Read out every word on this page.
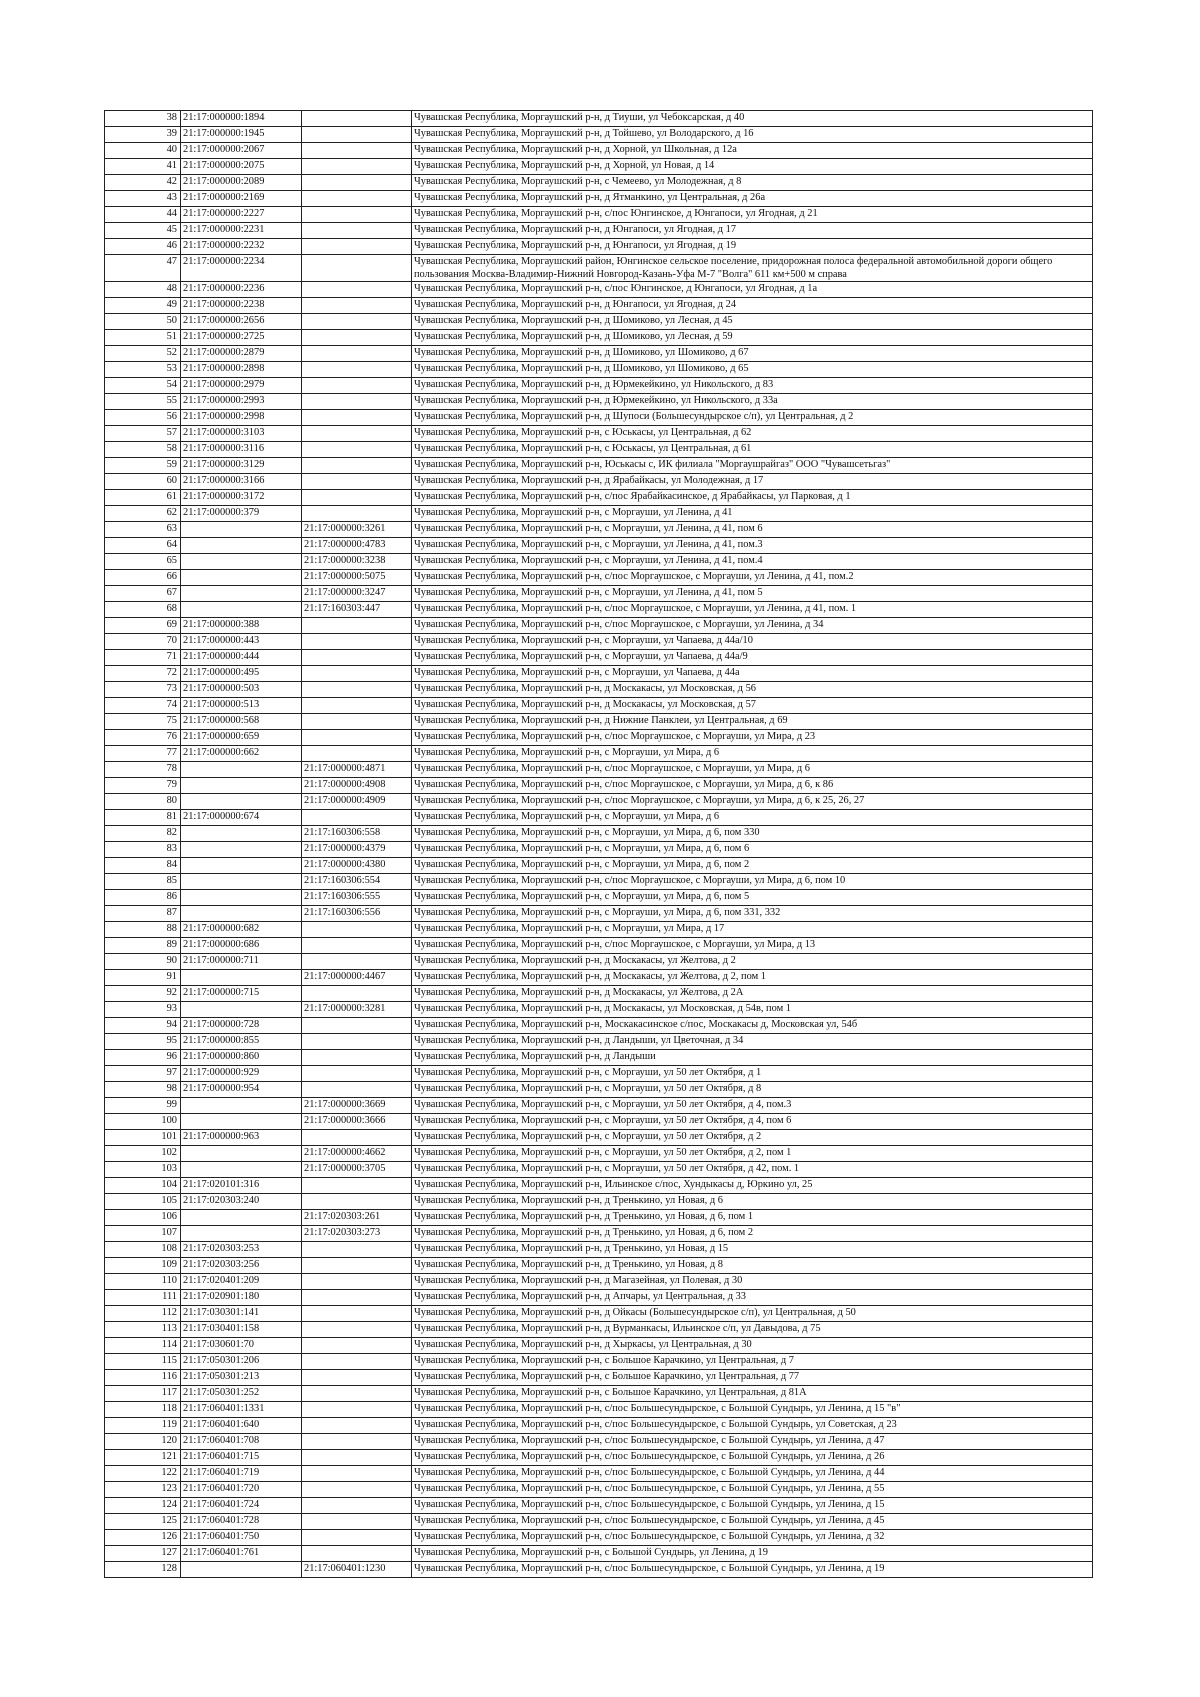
38	21:17:000000:1894		Чувашская Республика, Моргаушский р-н, д Тиуши, ул Чебоксарская, д 40
39	21:17:000000:1945		Чувашская Республика, Моргаушский р-н, д Тойшево, ул Володарского, д 16
40	21:17:000000:2067		Чувашская Республика, Моргаушский р-н, д Хорной, ул Школьная, д 12а
41	21:17:000000:2075		Чувашская Республика, Моргаушский р-н, д Хорной, ул Новая, д 14
42	21:17:000000:2089		Чувашская Республика, Моргаушский р-н, с Чемеево, ул Молодежная, д 8
43	21:17:000000:2169		Чувашская Республика, Моргаушский р-н, д Ятманкино, ул Центральная, д 26а
44	21:17:000000:2227		Чувашская Республика, Моргаушский р-н, с/пос Юнгинское, д Юнгапоси, ул Ягодная, д 21
45	21:17:000000:2231		Чувашская Республика, Моргаушский р-н, д Юнгапоси, ул Ягодная, д 17
46	21:17:000000:2232		Чувашская Республика, Моргаушский р-н, д Юнгапоси, ул Ягодная, д 19
47	21:17:000000:2234		Чувашская Республика, Моргаушский район, Юнгинское сельское поселение, придорожная полоса федеральной автомобильной дороги общего пользования Москва-Владимир-Нижний Новгород-Казань-Уфа М-7 "Волга" 611 км+500 м справа
48	21:17:000000:2236		Чувашская Республика, Моргаушский р-н, с/пос Юнгинское, д Юнгапоси, ул Ягодная, д 1а
49	21:17:000000:2238		Чувашская Республика, Моргаушский р-н, д Юнгапоси, ул Ягодная, д 24
50	21:17:000000:2656		Чувашская Республика, Моргаушский р-н, д Шомиково, ул Лесная, д 45
51	21:17:000000:2725		Чувашская Республика, Моргаушский р-н, д Шомиково, ул Лесная, д 59
52	21:17:000000:2879		Чувашская Республика, Моргаушский р-н, д Шомиково, ул Шомиково, д 67
53	21:17:000000:2898		Чувашская Республика, Моргаушский р-н, д Шомиково, ул Шомиково, д 65
54	21:17:000000:2979		Чувашская Республика, Моргаушский р-н, д Юрмекейкино, ул Никольского, д 83
55	21:17:000000:2993		Чувашская Республика, Моргаушский р-н, д Юрмекейкино, ул Никольского, д 33а
56	21:17:000000:2998		Чувашская Республика, Моргаушский р-н, д Шупоси (Большесундырское с/п), ул Центральная, д 2
57	21:17:000000:3103		Чувашская Республика, Моргаушский р-н, с Юськасы, ул Центральная, д 62
58	21:17:000000:3116		Чувашская Республика, Моргаушский р-н, с Юськасы, ул Центральная, д 61
59	21:17:000000:3129		Чувашская Республика, Моргаушский р-н, Юськасы с, ИК филиала "Моргаушрайгаз" ООО "Чувашсетьгаз"
60	21:17:000000:3166		Чувашская Республика, Моргаушский р-н, д Ярабайкасы, ул Молодежная, д 17
61	21:17:000000:3172		Чувашская Республика, Моргаушский р-н, с/пос Ярабайкасинское, д Ярабайкасы, ул Парковая, д 1
62	21:17:000000:379		Чувашская Республика, Моргаушский р-н, с Моргауши, ул Ленина, д 41
63		21:17:000000:3261	Чувашская Республика, Моргаушский р-н, с Моргауши, ул Ленина, д 41, пом 6
64		21:17:000000:4783	Чувашская Республика, Моргаушский р-н, с Моргауши, ул Ленина, д 41, пом.3
65		21:17:000000:3238	Чувашская Республика, Моргаушский р-н, с Моргауши, ул Ленина, д 41, пом.4
66		21:17:000000:5075	Чувашская Республика, Моргаушский р-н, с/пос Моргаушское, с Моргауши, ул Ленина, д 41, пом.2
67		21:17:000000:3247	Чувашская Республика, Моргаушский р-н, с Моргауши, ул Ленина, д 41, пом 5
68		21:17:160303:447	Чувашская Республика, Моргаушский р-н, с/пос Моргаушское, с Моргауши, ул Ленина, д 41, пом. 1
69	21:17:000000:388		Чувашская Республика, Моргаушский р-н, с/пос Моргаушское, с Моргауши, ул Ленина, д 34
70	21:17:000000:443		Чувашская Республика, Моргаушский р-н, с Моргауши, ул Чапаева, д 44а/10
71	21:17:000000:444		Чувашская Республика, Моргаушский р-н, с Моргауши, ул Чапаева, д 44а/9
72	21:17:000000:495		Чувашская Республика, Моргаушский р-н, с Моргауши, ул Чапаева, д 44а
73	21:17:000000:503		Чувашская Республика, Моргаушский р-н, д Москакасы, ул Московская, д 56
74	21:17:000000:513		Чувашская Республика, Моргаушский р-н, д Москакасы, ул Московская, д 57
75	21:17:000000:568		Чувашская Республика, Моргаушский р-н, д Нижние Панклеи, ул Центральная, д 69
76	21:17:000000:659		Чувашская Республика, Моргаушский р-н, с/пос Моргаушское, с Моргауши, ул Мира, д 23
77	21:17:000000:662		Чувашская Республика, Моргаушский р-н, с Моргауши, ул Мира, д 6
78		21:17:000000:4871	Чувашская Республика, Моргаушский р-н, с/пос Моргаушское, с Моргауши, ул Мира, д 6
79		21:17:000000:4908	Чувашская Республика, Моргаушский р-н, с/пос Моргаушское, с Моргауши, ул Мира, д 6, к 86
80		21:17:000000:4909	Чувашская Республика, Моргаушский р-н, с/пос Моргаушское, с Моргауши, ул Мира, д 6, к 25, 26, 27
81	21:17:000000:674		Чувашская Республика, Моргаушский р-н, с Моргауши, ул Мира, д 6
82		21:17:160306:558	Чувашская Республика, Моргаушский р-н, с Моргауши, ул Мира, д 6, пом 330
83		21:17:000000:4379	Чувашская Республика, Моргаушский р-н, с Моргауши, ул Мира, д 6, пом 6
84		21:17:000000:4380	Чувашская Республика, Моргаушский р-н, с Моргауши, ул Мира, д 6, пом 2
85		21:17:160306:554	Чувашская Республика, Моргаушский р-н, с/пос Моргаушское, с Моргауши, ул Мира, д 6, пом 10
86		21:17:160306:555	Чувашская Республика, Моргаушский р-н, с Моргауши, ул Мира, д 6, пом 5
87		21:17:160306:556	Чувашская Республика, Моргаушский р-н, с Моргауши, ул Мира, д 6, пом 331, 332
88	21:17:000000:682		Чувашская Республика, Моргаушский р-н, с Моргауши, ул Мира, д 17
89	21:17:000000:686		Чувашская Республика, Моргаушский р-н, с/пос Моргаушское, с Моргауши, ул Мира, д 13
90	21:17:000000:711		Чувашская Республика, Моргаушский р-н, д Москакасы, ул Желтова, д 2
91		21:17:000000:4467	Чувашская Республика, Моргаушский р-н, д Москакасы, ул Желтова, д 2, пом 1
92	21:17:000000:715		Чувашская Республика, Моргаушский р-н, д Москакасы, ул Желтова, д 2А
93		21:17:000000:3281	Чувашская Республика, Моргаушский р-н, д Москакасы, ул Московская, д 54в, пом 1
94	21:17:000000:728		Чувашская Республика, Моргаушский р-н, Москакасинское с/пос, Москакасы д, Московская ул, 54б
95	21:17:000000:855		Чувашская Республика, Моргаушский р-н, д Ландыши, ул Цветочная, д 34
96	21:17:000000:860		Чувашская Республика, Моргаушский р-н, д Ландыши
97	21:17:000000:929		Чувашская Республика, Моргаушский р-н, с Моргауши, ул 50 лет Октября, д 1
98	21:17:000000:954		Чувашская Республика, Моргаушский р-н, с Моргауши, ул 50 лет Октября, д 8
99		21:17:000000:3669	Чувашская Республика, Моргаушский р-н, с Моргауши, ул 50 лет Октября, д 4, пом.3
100		21:17:000000:3666	Чувашская Республика, Моргаушский р-н, с Моргауши, ул 50 лет Октября, д 4, пом 6
101	21:17:000000:963		Чувашская Республика, Моргаушский р-н, с Моргауши, ул 50 лет Октября, д 2
102		21:17:000000:4662	Чувашская Республика, Моргаушский р-н, с Моргауши, ул 50 лет Октября, д 2, пом 1
103		21:17:000000:3705	Чувашская Республика, Моргаушский р-н, с Моргауши, ул 50 лет Октября, д 42, пом. 1
104	21:17:020101:316		Чувашская Республика, Моргаушский р-н, Ильинское с/пос, Хундыкасы д, Юркино ул, 25
105	21:17:020303:240		Чувашская Республика, Моргаушский р-н, д Тренькино, ул Новая, д 6
106		21:17:020303:261	Чувашская Республика, Моргаушский р-н, д Тренькино, ул Новая, д 6, пом 1
107		21:17:020303:273	Чувашская Республика, Моргаушский р-н, д Тренькино, ул Новая, д 6, пом 2
108	21:17:020303:253		Чувашская Республика, Моргаушский р-н, д Тренькино, ул Новая, д 15
109	21:17:020303:256		Чувашская Республика, Моргаушский р-н, д Тренькино, ул Новая, д 8
110	21:17:020401:209		Чувашская Республика, Моргаушский р-н, д Магазейная, ул Полевая, д 30
111	21:17:020901:180		Чувашская Республика, Моргаушский р-н, д Апчары, ул Центральная, д 33
112	21:17:030301:141		Чувашская Республика, Моргаушский р-н, д Ойкасы (Большесундырское с/п), ул Центральная, д 50
113	21:17:030401:158		Чувашская Республика, Моргаушский р-н, д Вурманкасы, Ильинское с/п, ул Давыдова, д 75
114	21:17:030601:70		Чувашская Республика, Моргаушский р-н, д Хыркасы, ул Центральная, д 30
115	21:17:050301:206		Чувашская Республика, Моргаушский р-н, с Большое Карачкино, ул Центральная, д 7
116	21:17:050301:213		Чувашская Республика, Моргаушский р-н, с Большое Карачкино, ул Центральная, д 77
117	21:17:050301:252		Чувашская Республика, Моргаушский р-н, с Большое Карачкино, ул Центральная, д 81А
118	21:17:060401:1331		Чувашская Республика, Моргаушский р-н, с/пос Большесундырское, с Большой Сундырь, ул Ленина, д 15 "в"
119	21:17:060401:640		Чувашская Республика, Моргаушский р-н, с/пос Большесундырское, с Большой Сундырь, ул Советская, д 23
120	21:17:060401:708		Чувашская Республика, Моргаушский р-н, с/пос Большесундырское, с Большой Сундырь, ул Ленина, д 47
121	21:17:060401:715		Чувашская Республика, Моргаушский р-н, с/пос Большесундырское, с Большой Сундырь, ул Ленина, д 26
122	21:17:060401:719		Чувашская Республика, Моргаушский р-н, с/пос Большесундырское, с Большой Сундырь, ул Ленина, д 44
123	21:17:060401:720		Чувашская Республика, Моргаушский р-н, с/пос Большесундырское, с Большой Сундырь, ул Ленина, д 55
124	21:17:060401:724		Чувашская Республика, Моргаушский р-н, с/пос Большесундырское, с Большой Сундырь, ул Ленина, д 15
125	21:17:060401:728		Чувашская Республика, Моргаушский р-н, с/пос Большесундырское, с Большой Сундырь, ул Ленина, д 45
126	21:17:060401:750		Чувашская Республика, Моргаушский р-н, с/пос Большесундырское, с Большой Сундырь, ул Ленина, д 32
127	21:17:060401:761		Чувашская Республика, Моргаушский р-н, с Большой Сундырь, ул Ленина, д 19
128		21:17:060401:1230	Чувашская Республика, Моргаушский р-н, с/пос Большесундырское, с Большой Сундырь, ул Ленина, д 19
